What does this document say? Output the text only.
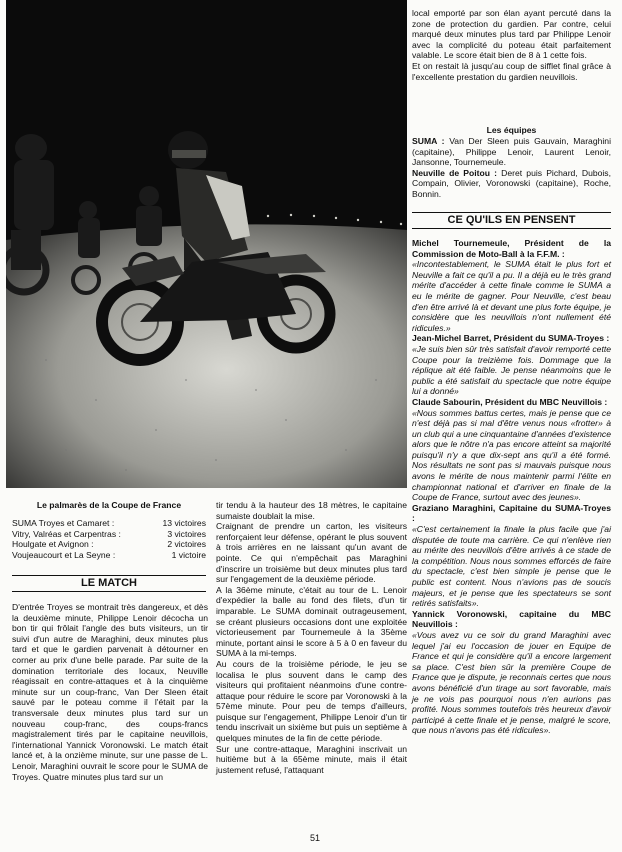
local emporté par son élan ayant percuté dans la zone de protection du gardien. Par contre, celui marqué deux minutes plus tard par Philippe Lenoir avec la complicité du poteau était parfaitement valable. Le score était bien de 8 à 1 cette fois.
Et on restait là jusqu'au coup de sifflet final grâce à l'excellente prestation du gardien neuvillois.

Les équipes
SUMA : Van Der Sleen puis Gauvain, Maraghini (capitaine), Philippe Lenoir, Laurent Lenoir, Jansonne, Tournemeule.
Neuville de Poitou : Deret puis Pichard, Dubois, Compain, Olivier, Voronowski (capitaine), Roche, Bonnin.
CE QU'ILS EN PENSENT

Michel Tournemeule, Président de la Commission de Moto-Ball à la F.F.M. :

«Incontestablement, le SUMA était le plus fort et Neuville a fait ce qu'il a pu. Il a déjà eu le très grand mérite d'accéder à cette finale comme le SUMA a eu le mérite de gagner. Pour Neuville, c'est beau d'en être arrivé là et devant une plus forte équipe, je considère que les neuvillois n'ont nullement été ridicules.»

Jean-Michel Barret, Président du SUMA-Troyes :

«Je suis bien sûr très satisfait d'avoir remporté cette Coupe pour la treizième fois. Dommage que la réplique ait été faible. Je pense néanmoins que le public a été satisfait du spectacle que notre équipe lui a donné»

Claude Sabourin, Président du MBC Neuvillois :

«Nous sommes battus certes, mais je pense que ce n'est déjà pas si mal d'être venus nous «frotter» à un club qui a une cinquantaine d'années d'existence alors que le nôtre n'a pas encore atteint sa majorité puisqu'il n'y a que dix-sept ans qu'il a été formé. Nos résultats ne sont pas si mauvais puisque nous avons le mérite de nous maintenir parmi l'élite en championnat national et d'arriver en finale de la Coupe de France, surtout avec des jeunes».

Graziano Maraghini, Capitaine du SUMA-Troyes :

«C'est certainement la finale la plus facile que j'ai disputée de toute ma carrière. Ce qui n'enlève rien au mérite des neuvillois d'être arrivés à ce stade de la compétition. Nous nous sommes efforcés de faire du spectacle, c'est bien simple je pense que le public est content. Nous n'avions pas de soucis majeurs, et je pense que les spectateurs se sont retirés satisfaits».

Yannick Voronowski, capitaine du MBC Neuvillois :

«Vous avez vu ce soir du grand Maraghini avec lequel j'ai eu l'occasion de jouer en Equipe de France et qui je considère qu'il a encore largement sa place. C'est bien sûr la première Coupe de France que je dispute, je reconnais certes que nous avons bénéficié d'un tirage au sort favorable, mais je ne vois pas pourquoi nous n'en aurions pas profité. Nous sommes toutefois très heureux d'avoir participé à cette finale et je pense, malgré le score, que nous n'avons pas été ridicules».

Le palmarès de la Coupe de France
SUMA Troyes et Camaret :	13 victoires
Vitry, Valréas et Carpentras :	3 victoires
Houlgate et Avignon :	2 victoires
Voujeaucourt et La Seyne :	1 victoire
LE MATCH

D'entrée Troyes se montrait très dangereux, et dès la deuxième minute, Philippe Lenoir décocha un bon tir qui frôlait l'angle des buts visiteurs, un tir suivi d'un autre de Maraghini, deux minutes plus tard et que le gardien parvenait à détourner en corner au prix d'une belle parade. Par suite de la domination territoriale des locaux, Neuville réagissait en contre-attaques et à la cinquième minute sur un coup-franc, Van Der Sleen était sauvé par le poteau comme il l'était par la transversale deux minutes plus tard sur un nouveau coup-franc, des coups-francs magistralement tirés par le capitaine neuvillois, l'international Yannick Voronowski. Le match était lancé et, à la onzième minute, sur une passe de L. Lenoir, Maraghini ouvrait le score pour le SUMA de Troyes. Quatre minutes plus tard sur un

tir tendu à la hauteur des 18 mètres, le capitaine sumaiste doublait la mise.
Craignant de prendre un carton, les visiteurs renforçaient leur défense, opérant le plus souvent à trois arrières en ne laissant qu'un avant de pointe. Ce qui n'empêchait pas Maraghini d'inscrire un troisième but deux minutes plus tard sur l'engagement de la deuxième période.
A la 36ème minute, c'était au tour de L. Lenoir d'expédier la balle au fond des filets, d'un tir imparable. Le SUMA dominait outrageusement, se créant plusieurs occasions dont une exploitée victorieusement par Tournemeule à la 35ème minute, portant ainsi le score à 5 à 0 en faveur du SUMA à la mi-temps.
Au cours de la troisième période, le jeu se localisa le plus souvent dans le camp des visiteurs qui profitaient néanmoins d'une contre-attaque pour réduire le score par Voronowski à la 57ème minute. Pour peu de temps d'ailleurs, puisque sur l'engagement, Philippe Lenoir d'un tir tendu inscrivait un sixième but puis un septième à quelques minutes de la fin de cette période.
Sur une contre-attaque, Maraghini inscrivait un huitième but à la 65ème minute, mais il était justement refusé, l'attaquant

51
